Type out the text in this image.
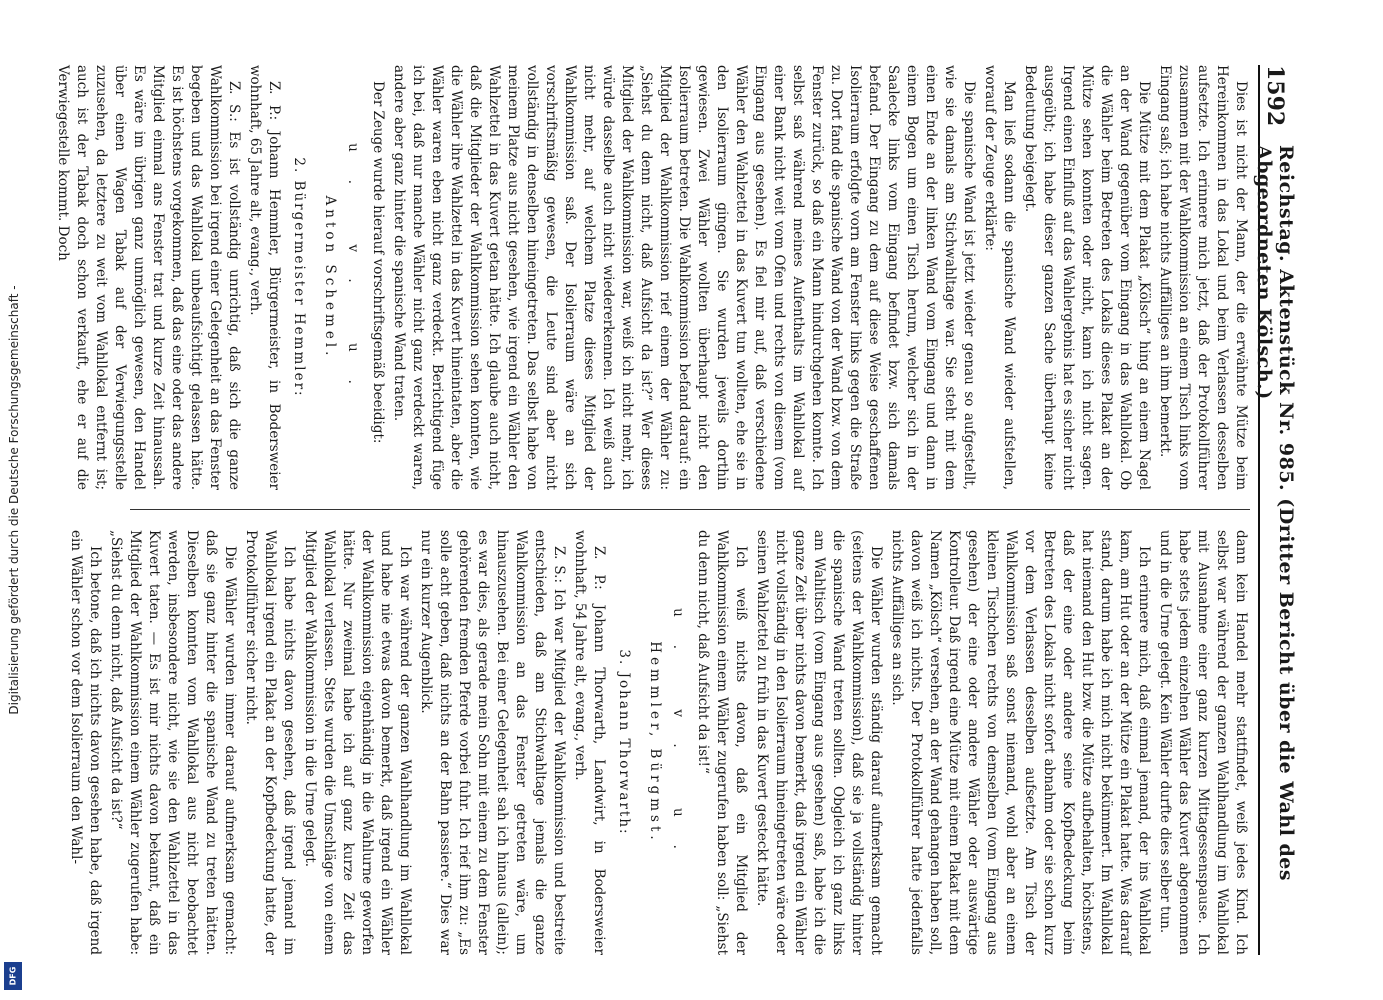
Digitalisierung gefördert durch die Deutsche Forschungsgemeinschaft -
DFG
1592
Reichstag. Aktenstück Nr. 985. (Dritter Bericht über die Wahl des Abgeordneten Kölsch.)

Dies ist nicht der Mann, der die erwähnte Mütze beim Hereinkommen in das Lokal und beim Verlassen desselben aufsetzte. Ich erinnere mich jetzt, daß der Protokollführer zusammen mit der Wahlkommission an einem Tisch links vom Eingang saß; ich habe nichts Auffälliges an ihm bemerkt.

Die Mütze mit dem Plakat „Kölsch“ hing an einem Nagel an der Wand gegenüber vom Eingang in das Wahllokal. Ob die Wähler beim Betreten des Lokals dieses Plakat an der Mütze sehen konnten oder nicht, kann ich nicht sagen. Irgend einen Einfluß auf das Wahlergebnis hat es sicher nicht ausgeübt; ich habe dieser ganzen Sache überhaupt keine Bedeutung beigelegt.

Man ließ sodann die spanische Wand wieder aufstellen, worauf der Zeuge erklärte:

Die spanische Wand ist jetzt wieder genau so aufgestellt, wie sie damals am Stichwahltage war. Sie steht mit dem einen Ende an der linken Wand vom Eingang und dann in einem Bogen um einen Tisch herum, welcher sich in der Saalecke links vom Eingang befindet bzw. sich damals befand. Der Eingang zu dem auf diese Weise geschaffenen Isolierraum erfolgte vorn am Fenster links gegen die Straße zu. Dort fand die spanische Wand von der Wand bzw. von dem Fenster zurück, so daß ein Mann hindurchgehen konnte. Ich selbst saß während meines Aufenthalts im Wahllokal auf einer Bank nicht weit vom Ofen und rechts von diesem (vom Eingang aus gesehen). Es fiel mir auf, daß verschiedene Wähler den Wahlzettel in das Kuvert tun wollten, ehe sie in den Isolierraum gingen. Sie wurden jeweils dorthin gewiesen. Zwei Wähler wollten überhaupt nicht den Isolierraum betreten. Die Wahlkommission befand darauf: ein Mitglied der Wahlkommission rief einem der Wähler zu: „Siehst du denn nicht, daß Aufsicht da ist?“ Wer dieses Mitglied der Wahlkommission war, weiß ich nicht mehr, ich würde dasselbe auch nicht wiedererkennen. Ich weiß auch nicht mehr, auf welchem Platze dieses Mitglied der Wahlkommission saß. Der Isolierraum wäre an sich vorschriftsmäßig gewesen, die Leute sind aber nicht vollständig in denselben hineingetreten. Das selbst habe von meinem Platze aus nicht gesehen, wie irgend ein Wähler den Wahlzettel in das Kuvert getan hätte. Ich glaube auch nicht, daß die Mitglieder der Wahlkommission sehen konnten, wie die Wähler ihre Wahlzettel in das Kuvert hineintaten, aber die Wähler waren eben nicht ganz verdeckt. Berichtigend füge ich bei, daß nur manche Wähler nicht ganz verdeckt waren, andere aber ganz hinter die spanische Wand traten.

Der Zeuge wurde hierauf vorschriftsgemäß beeidigt:

u. v. u.
Anton Schemel.
2. Bürgermeister Hemmler:

Z. P.: Johann Hemmler, Bürgermeister, in Bodersweier wohnhaft, 65 Jahre alt, evang., verh.

Z. S.: Es ist vollständig unrichtig, daß sich die ganze Wahlkommission bei irgend einer Gelegenheit an das Fenster begeben und das Wahllokal unbeaufsichtigt gelassen hätte. Es ist höchstens vorgekommen, daß das eine oder das andere Mitglied einmal ans Fenster trat und kurze Zeit hinaussah. Es wäre im übrigen ganz unmöglich gewesen, den Handel über einen Wagen Tabak auf der Verwiegungsstelle zuzusehen, da letztere zu weit vom Wahllokal entfernt ist; auch ist der Tabak doch schon verkauft, ehe er auf die Verwiegestelle kommt. Doch

dann kein Handel mehr stattfindet, weiß jedes Kind. Ich selbst war während der ganzen Wahlhandlung im Wahllokal mit Ausnahme einer ganz kurzen Mittagessenspause. Ich habe stets jedem einzelnen Wähler das Kuvert abgenommen und in die Urne gelegt. Kein Wähler durfte dies selber tun.

Ich erinnere mich, daß einmal jemand, der ins Wahllokal kam, am Hut oder an der Mütze ein Plakat hatte. Was darauf stand, darum habe ich mich nicht bekümmert. Im Wahllokal hat niemand den Hut bzw. die Mütze aufbehalten, höchstens, daß der eine oder andere seine Kopfbedeckung beim Betreten des Lokals nicht sofort abnahm oder sie schon kurz vor dem Verlassen desselben aufsetzte. Am Tisch der Wahlkommission saß sonst niemand, wohl aber an einem kleinen Tischchen rechts von demselben (vom Eingang aus gesehen) der eine oder andere Wähler oder auswärtige Kontrolleur. Daß irgend eine Mütze mit einem Plakat mit dem Namen „Kölsch“ versehen, an der Wand gehangen haben soll, davon weiß ich nichts. Der Protokollführer hatte jedenfalls nichts Auffälliges an sich.

Die Wähler wurden ständig darauf aufmerksam gemacht (seitens der Wahlkommission), daß sie ja vollständig hinter die spanische Wand treten sollten. Obgleich ich ganz links am Wahltisch (vom Eingang aus gesehen) saß, habe ich die ganze Zeit über nichts davon bemerkt, daß irgend ein Wähler nicht vollständig in den Isolierraum hineingetreten wäre oder seinen Wahlzettel zu früh in das Kuvert gesteckt hätte.

Ich weiß nichts davon, daß ein Mitglied der Wahlkommission einem Wähler zugerufen haben soll: „Siehst du denn nicht, daß Aufsicht da ist!“

u. v. u.
Hemmler, Bürgmst.
3. Johann Thorwarth:

Z. P.: Johann Thorwarth, Landwirt, in Bodersweier wohnhaft, 54 Jahre alt, evang., verh.

Z. S.: Ich war Mitglied der Wahlkommission und bestreite entschieden, daß am Stichwahltage jemals die ganze Wahlkommission an das Fenster getreten wäre, um hinauszusehen. Bei einer Gelegenheit sah ich hinaus (allein); es war dies, als gerade mein Sohn mit einem zu dem Fenster gehörenden fremden Pferde vorbei fuhr. Ich rief ihm zu: „Es solle acht geben, daß nichts an der Bahn passiere.“ Dies war nur ein kurzer Augenblick.

Ich war während der ganzen Wahlhandlung im Wahllokal und habe nie etwas davon bemerkt, daß irgend ein Wähler der Wahlkommission eigenhändig in die Wahlurne geworfen hätte. Nur zweimal habe ich auf ganz kurze Zeit das Wahllokal verlassen. Stets wurden die Umschläge von einem Mitglied der Wahlkommission in die Urne gelegt.

Ich habe nichts davon gesehen, daß irgend jemand im Wahllokal irgend ein Plakat an der Kopfbedeckung hatte, der Protokollführer sicher nicht.

Die Wähler wurden immer darauf aufmerksam gemacht: daß sie ganz hinter die spanische Wand zu treten hätten. Dieselben konnten vom Wahllokal aus nicht beobachtet werden, insbesondere nicht, wie sie den Wahlzettel in das Kuvert taten. — Es ist mir nichts davon bekannt, daß ein Mitglied der Wahlkommission einem Wähler zugerufen habe: „Siehst du denn nicht, daß Aufsicht da ist?“

Ich betone, daß ich nichts davon gesehen habe, daß irgend ein Wähler schon vor dem Isolierraum den Wahl-
